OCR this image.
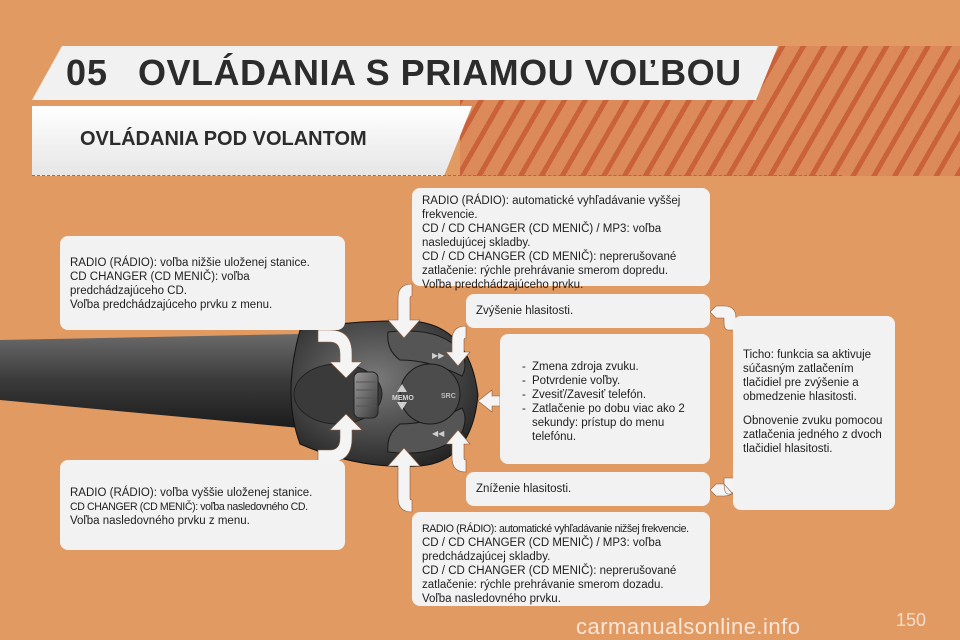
05 OVLÁDANIA S PRIAMOU VOĽBOU
OVLÁDANIA POD VOLANTOM
MEMO	SRC
▶▶
◀◀

RADIO (RÁDIO): voľba nižšie uloženej stanice.

CD CHANGER (CD MENIČ): voľba predchádzajúceho CD.

Voľba predchádzajúceho prvku z menu.

RADIO (RÁDIO): voľba vyššie uloženej stanice.

CD CHANGER (CD MENIČ): voľba nasledovného CD.

Voľba nasledovného prvku z menu.

RADIO (RÁDIO): automatické vyhľadávanie vyššej frekvencie.

CD / CD CHANGER (CD MENIČ) / MP3: voľba nasledujúcej skladby.

CD / CD CHANGER (CD MENIČ): neprerušované zatlačenie: rýchle prehrávanie smerom dopredu.

Voľba predchádzajúceho prvku.

Zvýšenie hlasitosti.

- Zmena zdroja zvuku.
- Potvrdenie voľby.
- Zvesiť/Zavesiť telefón.
- Zatlačenie po dobu viac ako 2 sekundy: prístup do menu telefónu.

Zníženie hlasitosti.

RADIO (RÁDIO): automatické vyhľadávanie nižšej frekvencie.

CD / CD CHANGER (CD MENIČ) / MP3: voľba predchádzajúcej skladby.

CD / CD CHANGER (CD MENIČ): neprerušované zatlačenie: rýchle prehrávanie smerom dozadu.

Voľba nasledovného prvku.

Ticho: funkcia sa aktivuje súčasným zatlačením tlačidiel pre zvýšenie a obmedzenie hlasitosti.

Obnovenie zvuku pomocou zatlačenia jedného z dvoch tlačidiel hlasitosti.

carmanualsonline.info	150
